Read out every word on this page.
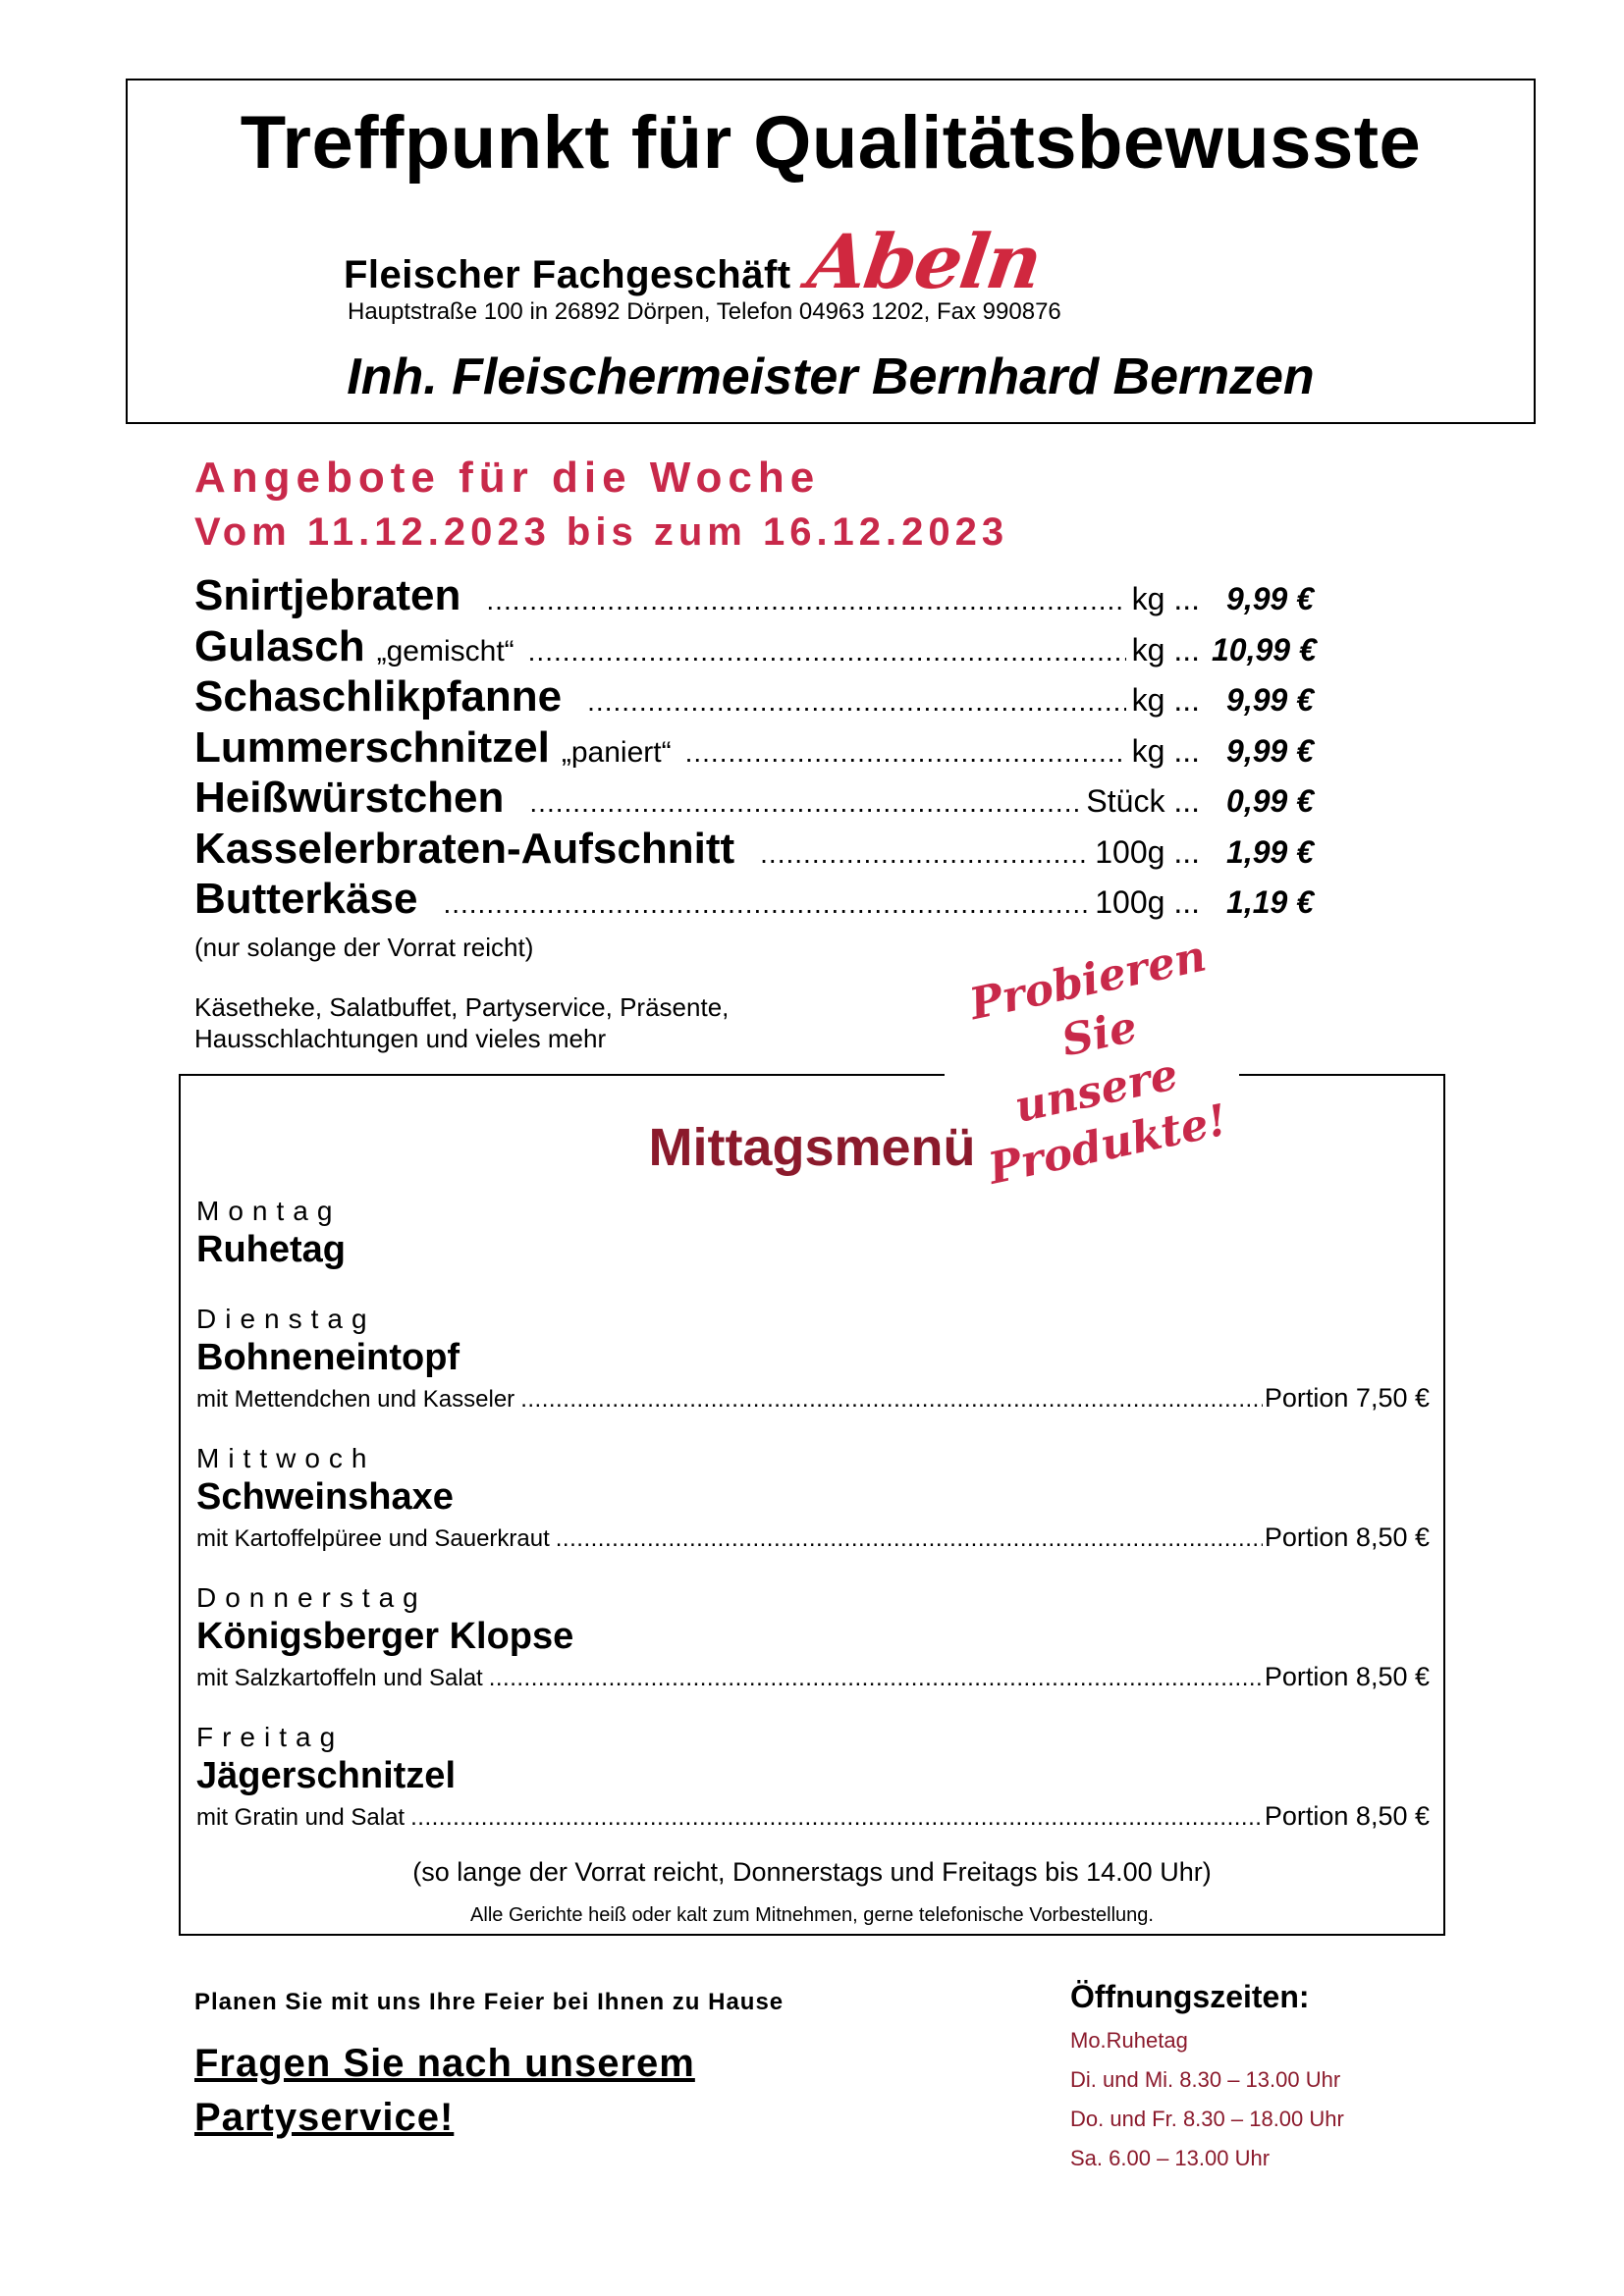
Treffpunkt für Qualitätsbewusste
Fleischer Fachgeschäft Abeln
Hauptstraße 100 in 26892 Dörpen, Telefon 04963 1202, Fax 990876
Inh. Fleischermeister Bernhard Bernzen
Angebote für die Woche
Vom 11.12.2023 bis zum 16.12.2023
Snirtjebraten .....	kg ... 9,99 €
Gulasch „gemischt“ .....	kg ... 10,99 €
Schaschlikpfanne .....	kg ... 9,99 €
Lummerschnitzel „paniert“ .....	kg ... 9,99 €
Heißwürstchen .....	Stück ... 0,99 €
Kasselerbraten-Aufschnitt .....	100g ... 1,99 €
Butterkäse .....	100g ... 1,19 €
(nur solange der Vorrat reicht)
Käsetheke, Salatbuffet, Partyservice, Präsente,
Hausschlachtungen und vieles mehr
Probieren Sie
unsere Produkte!
Mittagsmenü
Montag
Ruhetag
Dienstag
Bohneneintopf
mit Mettendchen und Kasseler .....	Portion 7,50 €
Mittwoch
Schweinshaxe
mit Kartoffelpüree und Sauerkraut .....	Portion 8,50 €
Donnerstag
Königsberger Klopse
mit Salzkartoffeln und Salat .....	Portion 8,50 €
Freitag
Jägerschnitzel
mit Gratin und Salat .....	Portion 8,50 €
(so lange der Vorrat reicht, Donnerstags und Freitags bis 14.00 Uhr)
Alle Gerichte heiß oder kalt zum Mitnehmen, gerne telefonische Vorbestellung.
Planen Sie mit uns Ihre Feier bei Ihnen zu Hause
Fragen Sie nach unserem
Partyservice!
Öffnungszeiten:
Mo.Ruhetag
Di. und Mi. 8.30 – 13.00 Uhr
Do. und Fr. 8.30 – 18.00 Uhr
Sa. 6.00 – 13.00 Uhr
